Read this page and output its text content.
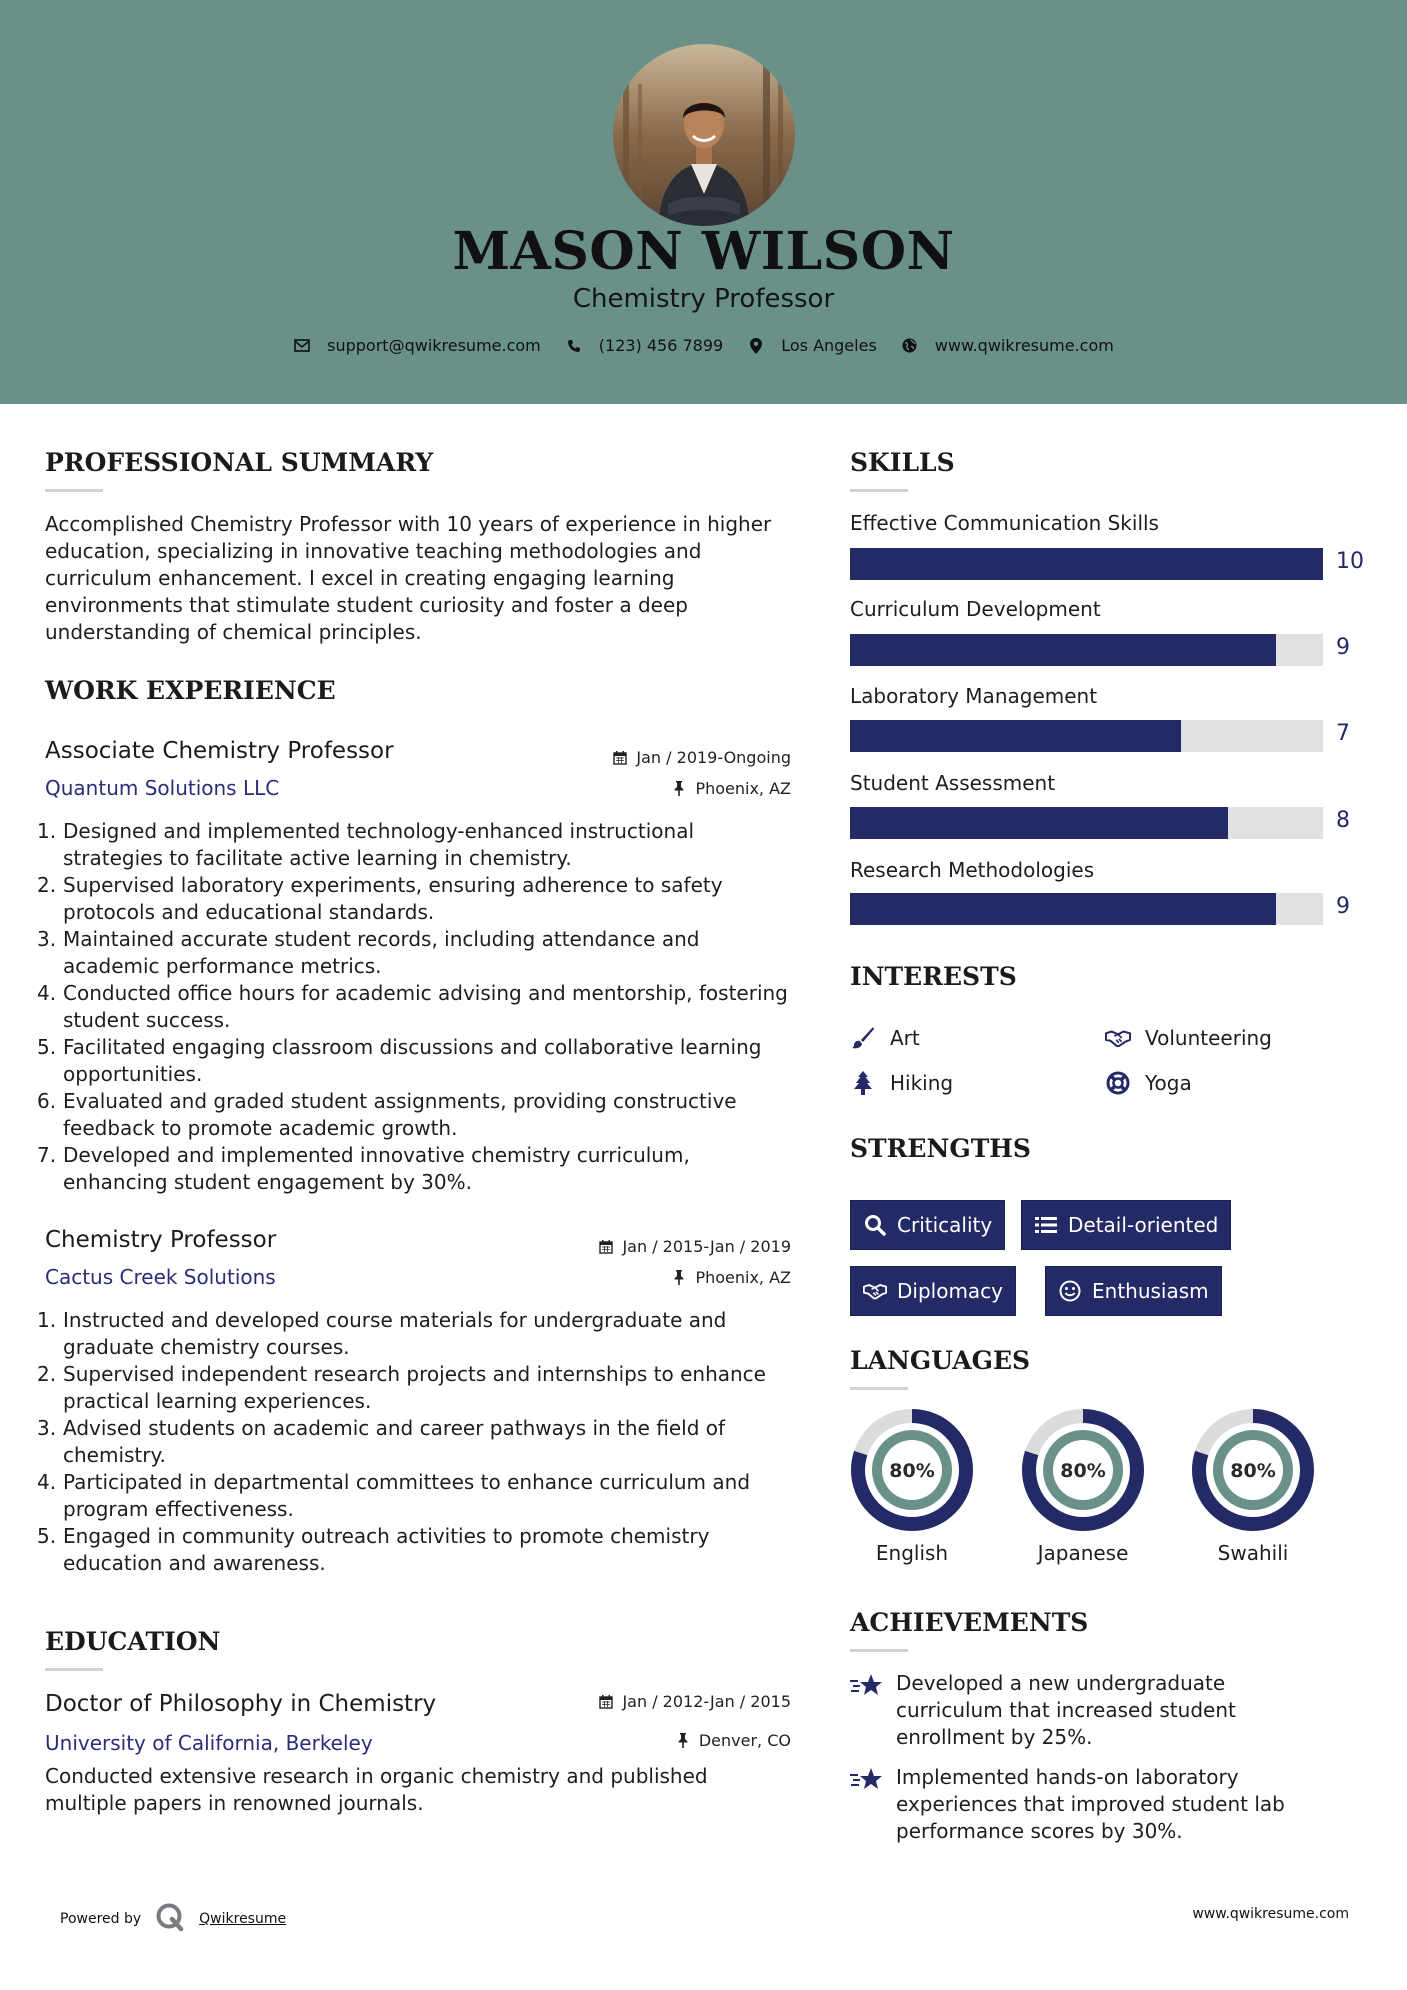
MASON WILSON
Chemistry Professor
support@qwikresume.com	(123) 456 7899	Los Angeles	www.qwikresume.com
PROFESSIONAL SUMMARY
Accomplished Chemistry Professor with 10 years of experience in higher education, specializing in innovative teaching methodologies and curriculum enhancement. I excel in creating engaging learning environments that stimulate student curiosity and foster a deep understanding of chemical principles.
WORK EXPERIENCE
Associate Chemistry Professor	Jan / 2019-Ongoing
Quantum Solutions LLC	Phoenix, AZ
1. Designed and implemented technology-enhanced instructional strategies to facilitate active learning in chemistry.
2. Supervised laboratory experiments, ensuring adherence to safety protocols and educational standards.
3. Maintained accurate student records, including attendance and academic performance metrics.
4. Conducted office hours for academic advising and mentorship, fostering student success.
5. Facilitated engaging classroom discussions and collaborative learning opportunities.
6. Evaluated and graded student assignments, providing constructive feedback to promote academic growth.
7. Developed and implemented innovative chemistry curriculum, enhancing student engagement by 30%.
Chemistry Professor	Jan / 2015-Jan / 2019
Cactus Creek Solutions	Phoenix, AZ
1. Instructed and developed course materials for undergraduate and graduate chemistry courses.
2. Supervised independent research projects and internships to enhance practical learning experiences.
3. Advised students on academic and career pathways in the field of chemistry.
4. Participated in departmental committees to enhance curriculum and program effectiveness.
5. Engaged in community outreach activities to promote chemistry education and awareness.
EDUCATION
Doctor of Philosophy in Chemistry	Jan / 2012-Jan / 2015
University of California, Berkeley	Denver, CO
Conducted extensive research in organic chemistry and published multiple papers in renowned journals.
SKILLS
Effective Communication Skills
10
Curriculum Development
9
Laboratory Management
7
Student Assessment
8
Research Methodologies
9
INTERESTS
Art	Volunteering
Hiking	Yoga
STRENGTHS
Criticality	Detail-oriented
Diplomacy	Enthusiasm
LANGUAGES
80%
English
80%
Japanese
80%
Swahili
ACHIEVEMENTS
Developed a new undergraduate curriculum that increased student enrollment by 25%.
Implemented hands-on laboratory experiences that improved student lab performance scores by 30%.
Powered by	Qwikresume	www.qwikresume.com
